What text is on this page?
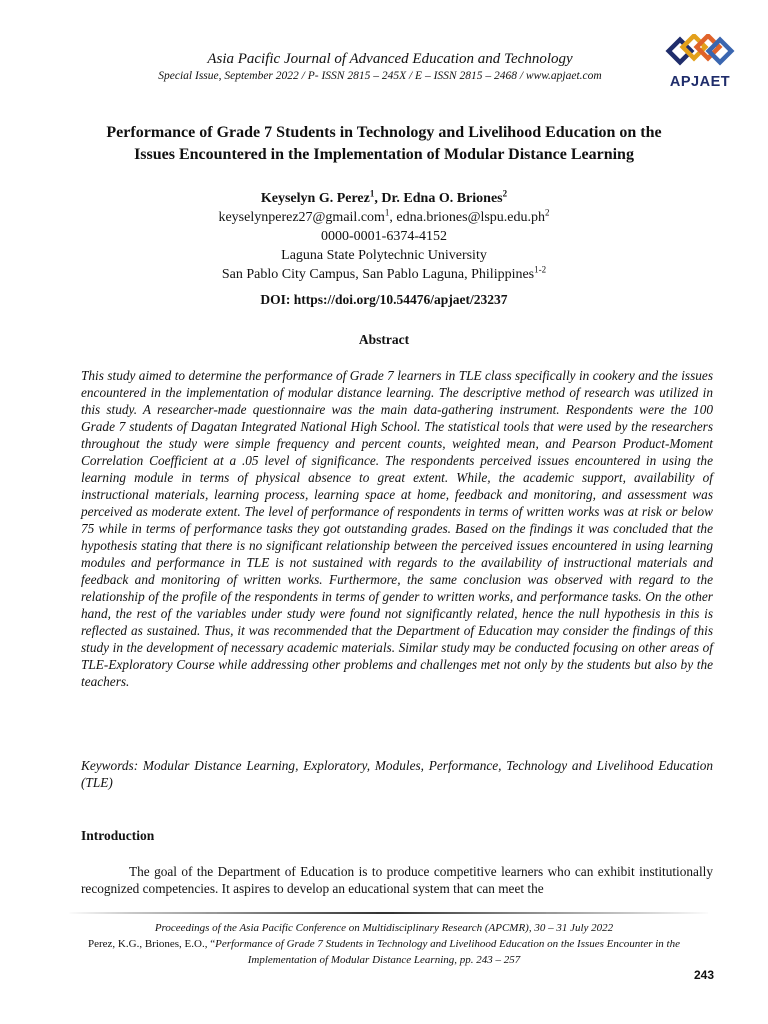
Asia Pacific Journal of Advanced Education and Technology
Special Issue, September 2022 / P- ISSN 2815 – 245X / E – ISSN 2815 – 2468 / www.apjaet.com	APJAET
Performance of Grade 7 Students in Technology and Livelihood Education on the
Issues Encountered in the Implementation of Modular Distance Learning
Keyselyn G. Perez$^1$, Dr. Edna O. Briones$^2$
keyselynperez27@gmail.com$^1$, $edna.briones@lspu.edu.ph^2$
0000-0001-6374-4152
Laguna State Polytechnic University
San Pablo City Campus, San Pablo Laguna, Philippines$^{1-2}$
DOI: https://doi.org/10.54476/apjaet/23237
Abstract
This study aimed to determine the performance of Grade 7 learners in TLE class specifically in cookery and the issues encountered in the implementation of modular distance learning. The descriptive method of research was utilized in this study. A researcher-made questionnaire was the main data-gathering instrument. Respondents were the 100 Grade 7 students of Dagatan Integrated National High School. The statistical tools that were used by the researchers throughout the study were simple frequency and percent counts, weighted mean, and Pearson Product-Moment Correlation Coefficient at a .05 level of significance. The respondents perceived issues encountered in using the learning module in terms of physical absence to great extent. While, the academic support, availability of instructional materials, learning process, learning space at home, feedback and monitoring, and assessment was perceived as moderate extent. The level of performance of respondents in terms of written works was at risk or below 75 while in terms of performance tasks they got outstanding grades. Based on the findings it was concluded that the hypothesis stating that there is no significant relationship between the perceived issues encountered in using learning modules and performance in TLE is not sustained with regards to the availability of instructional materials and feedback and monitoring of written works. Furthermore, the same conclusion was observed with regard to the relationship of the profile of the respondents in terms of gender to written works, and performance tasks. On the other hand, the rest of the variables under study were found not significantly related, hence the null hypothesis in this is reflected as sustained. Thus, it was recommended that the Department of Education may consider the findings of this study in the development of necessary academic materials. Similar study may be conducted focusing on other areas of TLE-Exploratory Course while addressing other problems and challenges met not only by the students but also by the teachers.
Keywords: Modular Distance Learning, Exploratory, Modules, Performance, Technology and Livelihood Education (TLE)
Introduction
The goal of the Department of Education is to produce competitive learners who can exhibit institutionally recognized competencies. It aspires to develop an educational system that can meet the
Proceedings of the Asia Pacific Conference on Multidisciplinary Research (APCMR), 30 – 31 July 2022
Perez, K.G., Briones, E.O., “Performance of Grade 7 Students in Technology and Livelihood Education on the Issues Encounter in the Implementation of Modular Distance Learning, pp. 243 – 257
243
